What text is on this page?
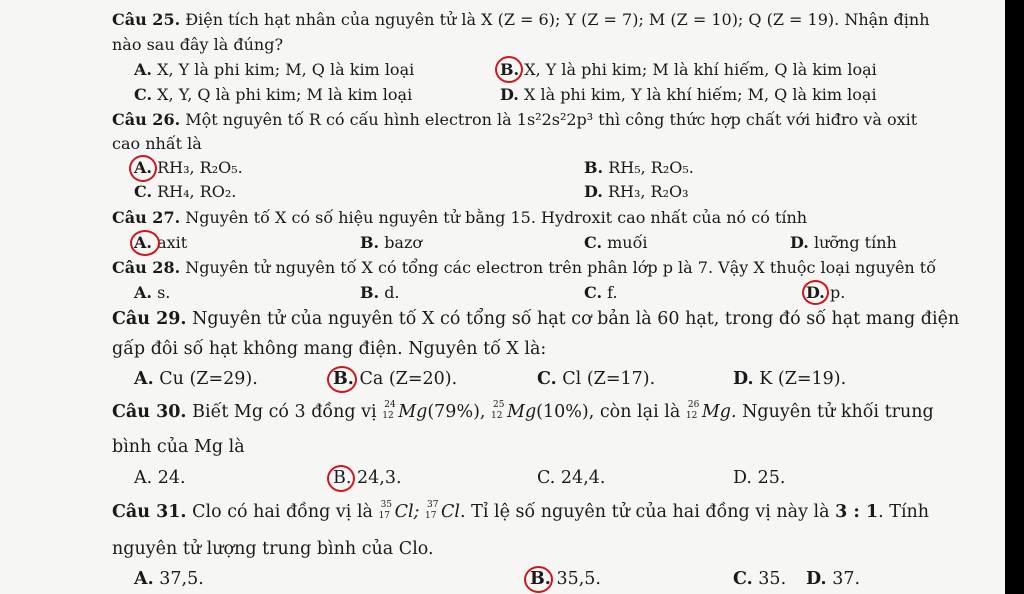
Câu 25. Điện tích hạt nhân của nguyên tử là X (Z = 6); Y (Z = 7); M (Z = 10); Q (Z = 19). Nhận định
nào sau đây là đúng?
A. X, Y là phi kim; M, Q là kim loại	B. X, Y là phi kim; M là khí hiếm, Q là kim loại
C. X, Y, Q là phi kim; M là kim loại	D. X là phi kim, Y là khí hiếm; M, Q là kim loại
Câu 26. Một nguyên tố R có cấu hình electron là 1s²2s²2p³ thì công thức hợp chất với hiđro và oxit
cao nhất là
A. RH₃, R₂O₅.	B. RH₅, R₂O₅.
C. RH₄, RO₂.	D. RH₃, R₂O₃
Câu 27. Nguyên tố X có số hiệu nguyên tử bằng 15. Hydroxit cao nhất của nó có tính
A. axit	B. bazơ	C. muối	D. lưỡng tính
Câu 28. Nguyên tử nguyên tố X có tổng các electron trên phân lớp p là 7. Vậy X thuộc loại nguyên tố
A. s.	B. d.	C. f.	D. p.
Câu 29. Nguyên tử của nguyên tố X có tổng số hạt cơ bản là 60 hạt, trong đó số hạt mang điện
gấp đôi số hạt không mang điện. Nguyên tố X là:
A. Cu (Z=29).	B. Ca (Z=20).	C. Cl (Z=17).	D. K (Z=19).
Câu 30. Biết Mg có 3 đồng vị 24
12 Mg(79%), 25
12 Mg(10%), còn lại là 26
12 Mg. Nguyên tử khối trung
bình của Mg là
A. 24.	B. 24,3.	C. 24,4.	D. 25.
Câu 31. Clo có hai đồng vị là 35
17 Cl; 37
17 Cl. Tỉ lệ số nguyên tử của hai đồng vị này là 3 : 1. Tính
nguyên tử lượng trung bình của Clo.
A. 37,5.	B. 35,5.	C. 35. D. 37.
